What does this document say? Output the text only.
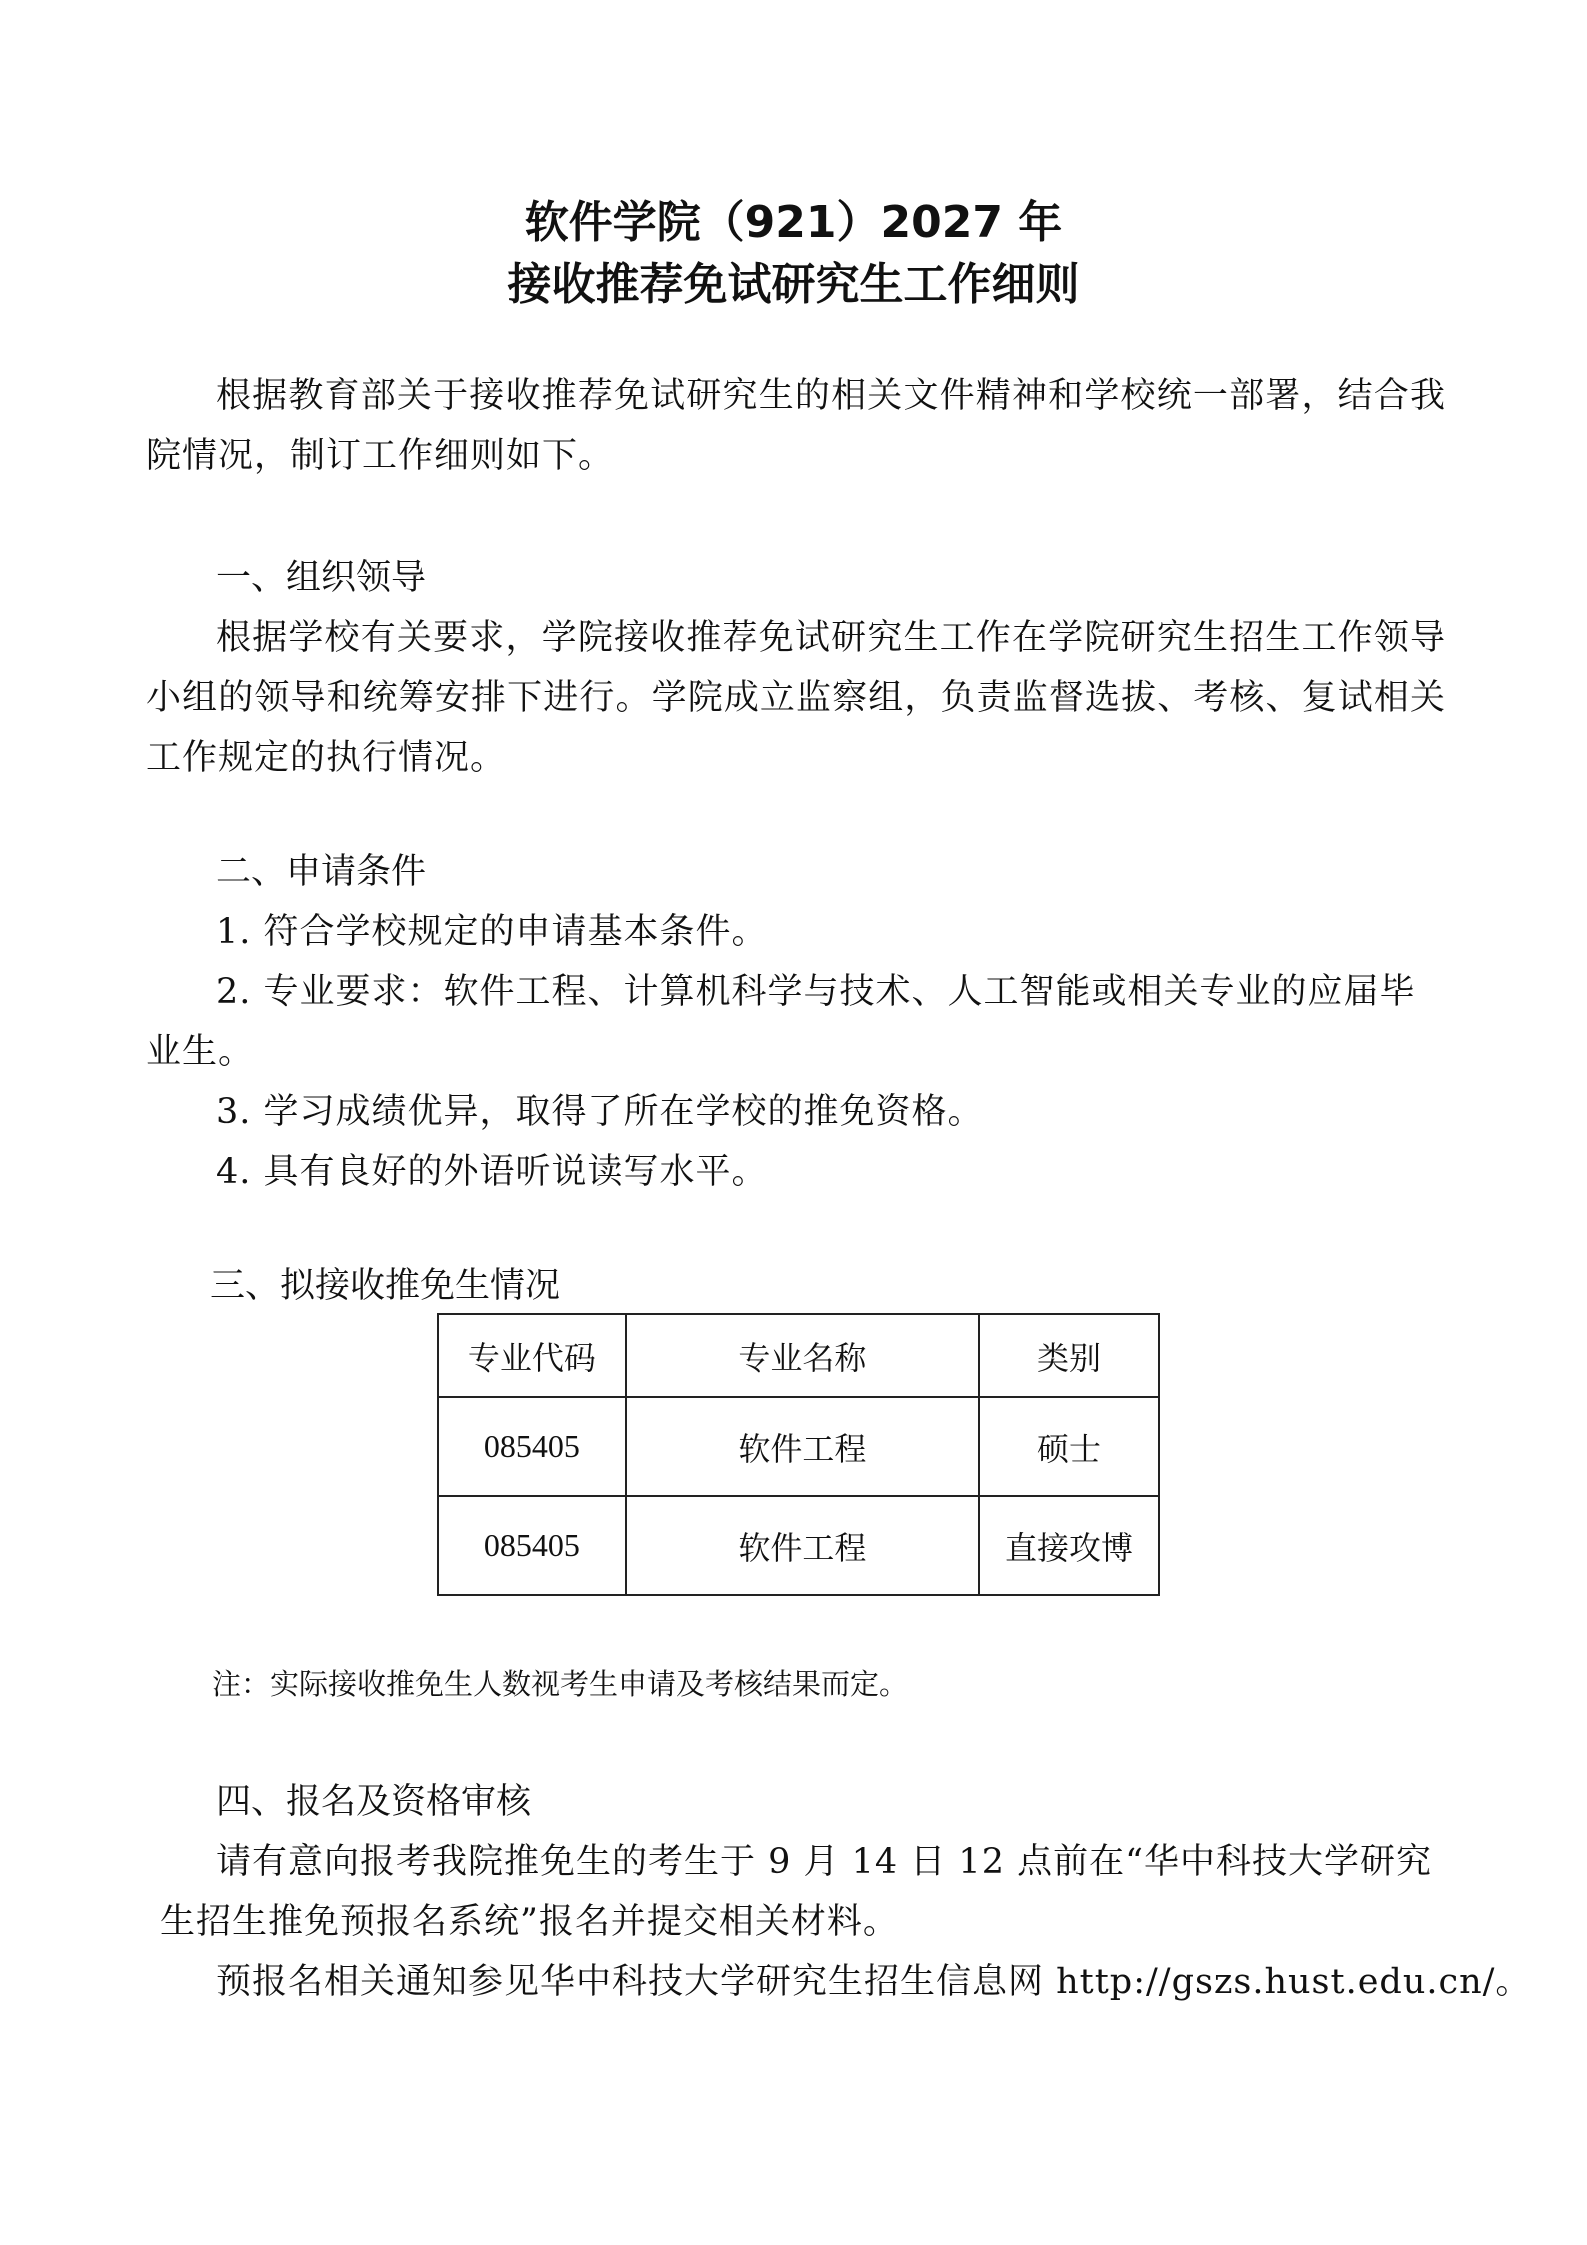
软件学院（921）2027 年
接收推荐免试研究生工作细则
根据教育部关于接收推荐免试研究生的相关文件精神和学校统一部署，结合我院情况，制订工作细则如下。
一、组织领导
根据学校有关要求，学院接收推荐免试研究生工作在学院研究生招生工作领导小组的领导和统筹安排下进行。学院成立监察组，负责监督选拔、考核、复试相关工作规定的执行情况。
二、申请条件
1. 符合学校规定的申请基本条件。
2. 专业要求：软件工程、计算机科学与技术、人工智能或相关专业的应届毕
业生。
3. 学习成绩优异，取得了所在学校的推免资格。
4. 具有良好的外语听说读写水平。
三、拟接收推免生情况
专业代码	专业名称	类别
085405	软件工程	硕士
085405	软件工程	直接攻博
注：实际接收推免生人数视考生申请及考核结果而定。
四、报名及资格审核
请有意向报考我院推免生的考生于 9 月 14 日 12 点前在“华中科技大学研究
生招生推免预报名系统”报名并提交相关材料。
预报名相关通知参见华中科技大学研究生招生信息网 http://gszs.hust.edu.cn/。
